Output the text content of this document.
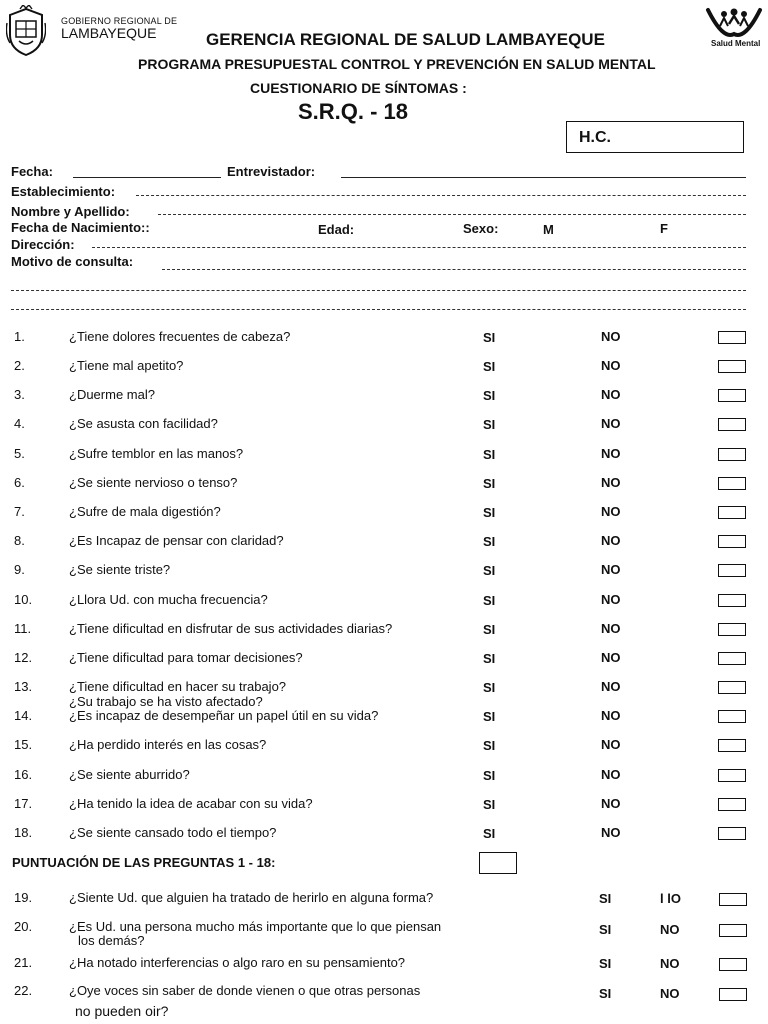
GOBIERNO REGIONAL DE
LAMBAYEQUE
Salud Mental
GERENCIA REGIONAL DE SALUD LAMBAYEQUE
PROGRAMA PRESUPUESTAL CONTROL Y PREVENCIÓN EN SALUD MENTAL
CUESTIONARIO DE SÍNTOMAS :
S.R.Q. - 18
H.C.
Fecha:	Entrevistador:
Establecimiento:
Nombre y Apellido:
Fecha de Nacimiento::	Edad:	Sexo:	M	F
Dirección:
Motivo de consulta:
1.	¿Tiene dolores frecuentes de cabeza?	SI	NO
2.	¿Tiene mal apetito?	SI	NO
3.	¿Duerme mal?	SI	NO
4.	¿Se asusta con facilidad?	SI	NO
5.	¿Sufre temblor en las manos?	SI	NO
6.	¿Se siente nervioso o tenso?	SI	NO
7.	¿Sufre de mala digestión?	SI	NO
8.	¿Es Incapaz de pensar con claridad?	SI	NO
9.	¿Se siente triste?	SI	NO
10.	¿Llora Ud. con mucha frecuencia?	SI	NO
11.	¿Tiene dificultad en disfrutar de sus actividades diarias?	SI	NO
12.	¿Tiene dificultad para tomar decisiones?	SI	NO
13.	¿Tiene dificultad en hacer su trabajo?	SI	NO
¿Su trabajo se ha visto afectado?
14.	¿Es incapaz de desempeñar un papel útil en su vida?	SI	NO
15.	¿Ha perdido interés en las cosas?	SI	NO
16.	¿Se siente aburrido?	SI	NO
17.	¿Ha tenido la idea de acabar con su vida?	SI	NO
18.	¿Se siente cansado todo el tiempo?	SI	NO
PUNTUACIÓN DE LAS PREGUNTAS 1 - 18:
19.	¿Siente Ud. que alguien ha tratado de herirlo en alguna forma?	SI	l lO
20.	¿Es Ud. una persona mucho más importante que lo que piensan	SI	NO
los demás?
21.	¿Ha notado interferencias o algo raro en su pensamiento?	SI	NO
22.	¿Oye voces sin saber de donde vienen o que otras personas	SI	NO
no pueden oir?
